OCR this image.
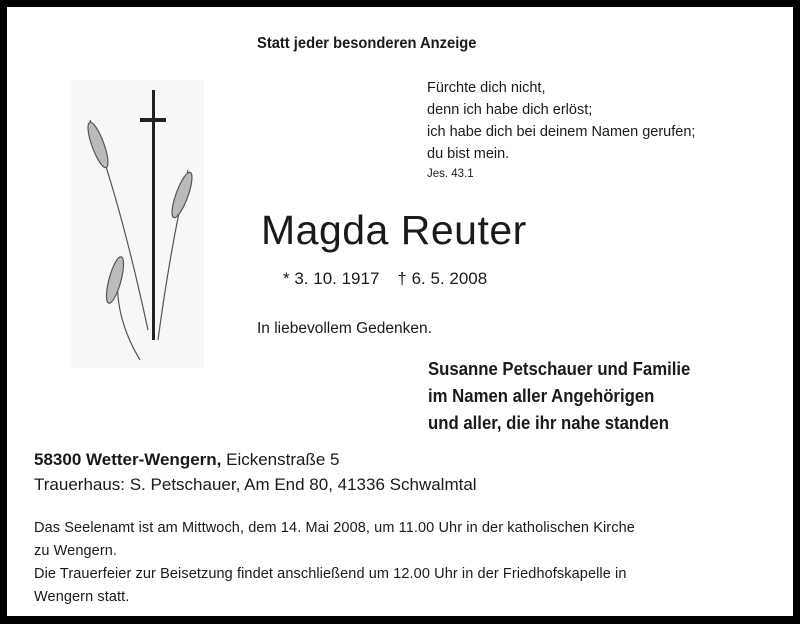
Statt jeder besonderen Anzeige
Fürchte dich nicht,
denn ich habe dich erlöst;
ich habe dich bei deinem Namen gerufen;
du bist mein.
Jes. 43.1
Magda Reuter
* 3. 10. 1917 † 6. 5. 2008
In liebevollem Gedenken.
Susanne Petschauer und Familie
im Namen aller Angehörigen
und aller, die ihr nahe standen
58300 Wetter-Wengern, Eickenstraße 5
Trauerhaus: S. Petschauer, Am End 80, 41336 Schwalmtal
Das Seelenamt ist am Mittwoch, dem 14. Mai 2008, um 11.00 Uhr in der katholischen Kirche
zu Wengern.
Die Trauerfeier zur Beisetzung findet anschließend um 12.00 Uhr in der Friedhofskapelle in
Wengern statt.
